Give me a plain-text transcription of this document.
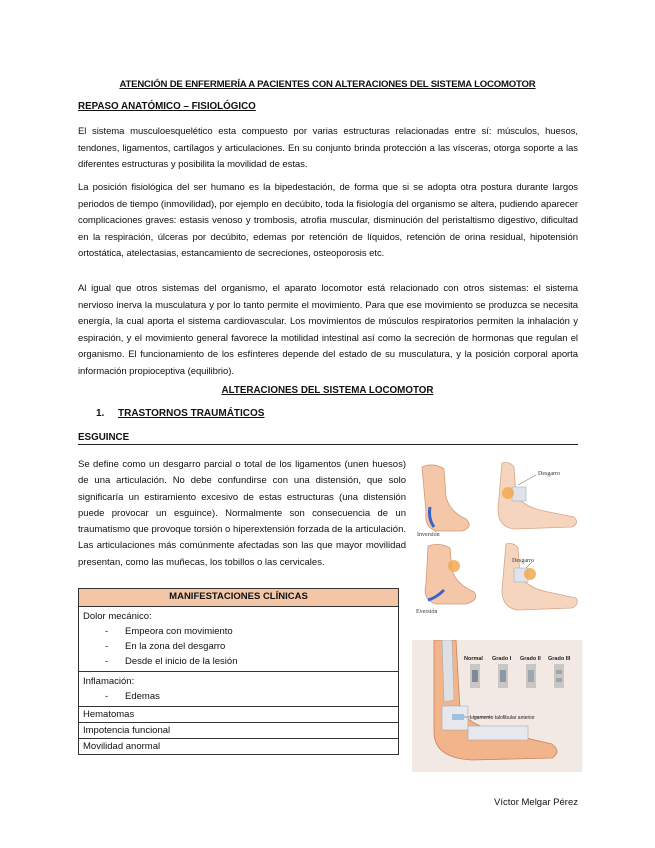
ATENCIÓN DE ENFERMERÍA A PACIENTES CON ALTERACIONES DEL SISTEMA LOCOMOTOR
REPASO ANATÓMICO – FISIOLÓGICO
El sistema musculoesquelético esta compuesto por varias estructuras relacionadas entre sí: músculos, huesos, tendones, ligamentos, cartílagos y articulaciones. En su conjunto brinda protección a las vísceras, otorga soporte a las diferentes estructuras y posibilita la movilidad de estas.
La posición fisiológica del ser humano es la bipedestación, de forma que si se adopta otra postura durante largos periodos de tiempo (inmovilidad), por ejemplo en decúbito, toda la fisiología del organismo se altera, pudiendo aparecer complicaciones graves: estasis venoso y trombosis, atrofia muscular, disminución del peristaltismo digestivo, dificultad en la respiración, úlceras por decúbito, edemas por retención de líquidos, retención de orina residual, hipotensión ortostática, atelectasias, estancamiento de secreciones, osteoporosis etc.
Al igual que otros sistemas del organismo, el aparato locomotor está relacionado con otros sistemas: el sistema nervioso inerva la musculatura y por lo tanto permite el movimiento. Para que ese movimiento se produzca se necesita energía, la cual aporta el sistema cardiovascular. Los movimientos de músculos respiratorios permiten la inhalación y espiración, y el movimiento general favorece la motilidad intestinal así como la secreción de hormonas que regulan el organismo. El funcionamiento de los esfínteres depende del estado de su musculatura, y la posición corporal aporta información propioceptiva (equilibrio).
ALTERACIONES DEL SISTEMA LOCOMOTOR
1. TRASTORNOS TRAUMÁTICOS
ESGUINCE
Se define como un desgarro parcial o total de los ligamentos (unen huesos) de una articulación. No debe confundirse con una distensión, que solo significaría un estiramiento excesivo de estas estructuras (una distensión puede provocar un esguince). Normalmente son consecuencia de un traumatismo que provoque torsión o hiperextensión forzada de la articulación. Las articulaciones más comúnmente afectadas son las que mayor movilidad presentan, como las muñecas, los tobillos o las cervicales.
MANIFESTACIONES CLÍNICAS

Dolor mecánico:
-	Empeora con movimiento
-	En la zona del desgarro
-	Desde el inicio de la lesión

Inflamación:
-	Edemas

Hematomas
Impotencia funcional
Movilidad anormal
Inversión
Desgarro
Eversión
Desgarro
Normal Grado I Grado II Grado III
Ligamento talofibular anterior
Víctor Melgar Pérez
